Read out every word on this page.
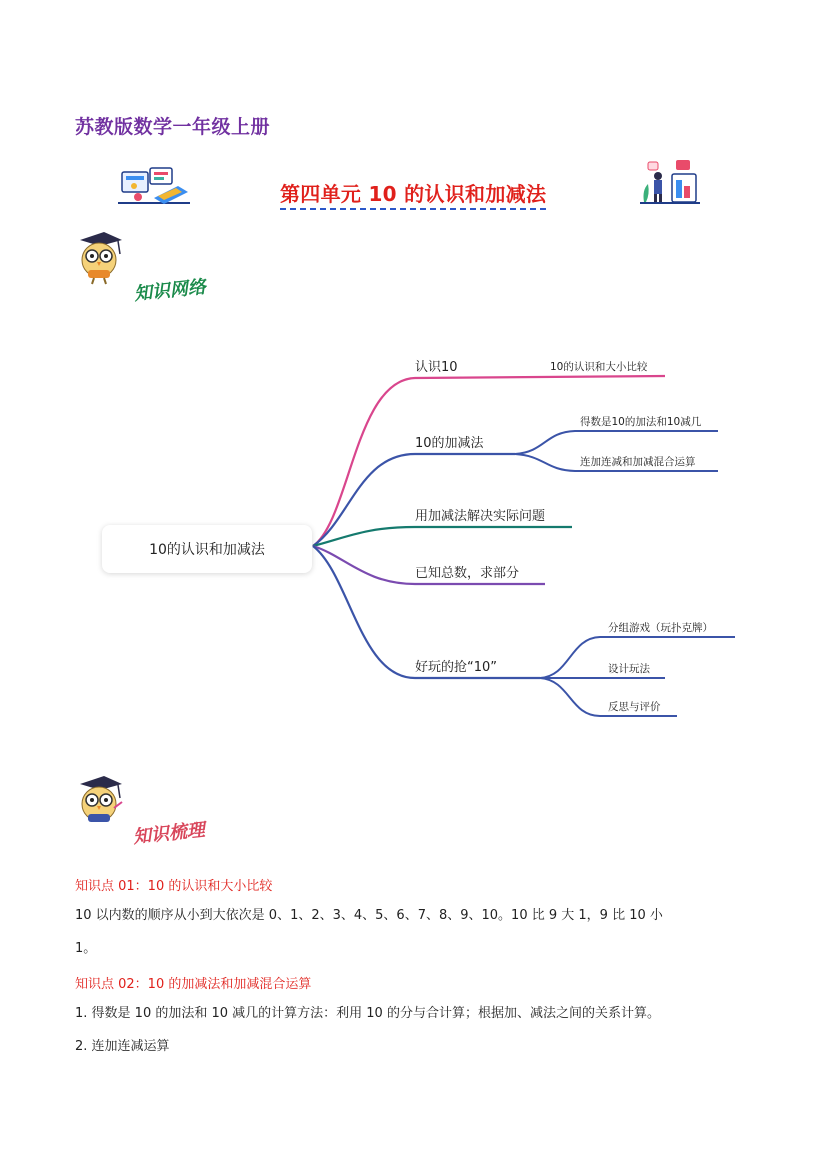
苏教版数学一年级上册
第四单元 10 的认识和加减法
知识网络
10的认识和加减法
认识10	10的认识和大小比较
10的加减法
得数是10的加法和10减几
连加连减和加减混合运算
用加减法解决实际问题
已知总数，求部分
好玩的抢“10”
分组游戏（玩扑克牌）
设计玩法
反思与评价
知识梳理
知识点 01：10 的认识和大小比较
10 以内数的顺序从小到大依次是 0、1、2、3、4、5、6、7、8、9、10。10 比 9 大 1，9 比 10 小
1。
知识点 02：10 的加减法和加减混合运算
1. 得数是 10 的加法和 10 减几的计算方法：利用 10 的分与合计算；根据加、减法之间的关系计算。
2. 连加连减运算
